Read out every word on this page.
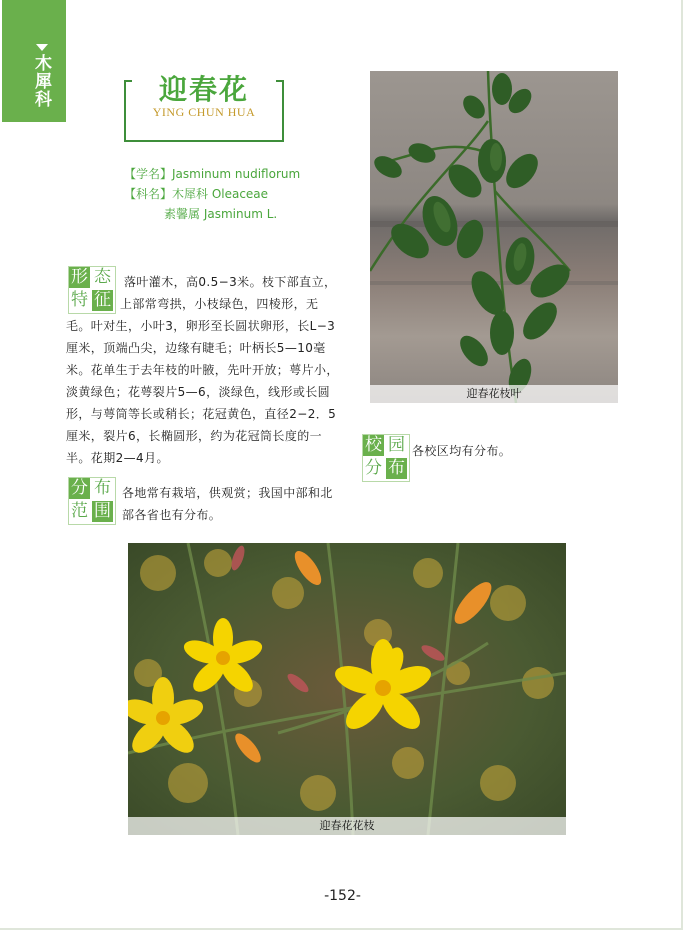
木犀科	迎春花
YING CHUN HUA
【学名】Jasminum nudiflorum
【科名】木犀科 Oleaceae
素馨属 Jasminum L.
形 态
特 征
落叶灌木，高0.5−3米。枝下部直立，
上部常弯拱，小枝绿色，四棱形，无
毛。叶对生，小叶3，卵形至长圆状卵形，长L−3
厘米，顶端凸尖，边缘有睫毛；叶柄长5—10毫
米。花单生于去年枝的叶腋，先叶开放；萼片小，
淡黄绿色；花萼裂片5—6，淡绿色，线形或长圆
形，与萼筒等长或稍长；花冠黄色，直径2−2．5
厘米，裂片6，长椭圆形，约为花冠筒长度的一
半。花期2—4月。
分 布
范 围
各地常有栽培，供观赏；我国中部和北
部各省也有分布。
校 园
分 布
各校区均有分布。
迎春花枝叶
迎春花花枝
-152-
